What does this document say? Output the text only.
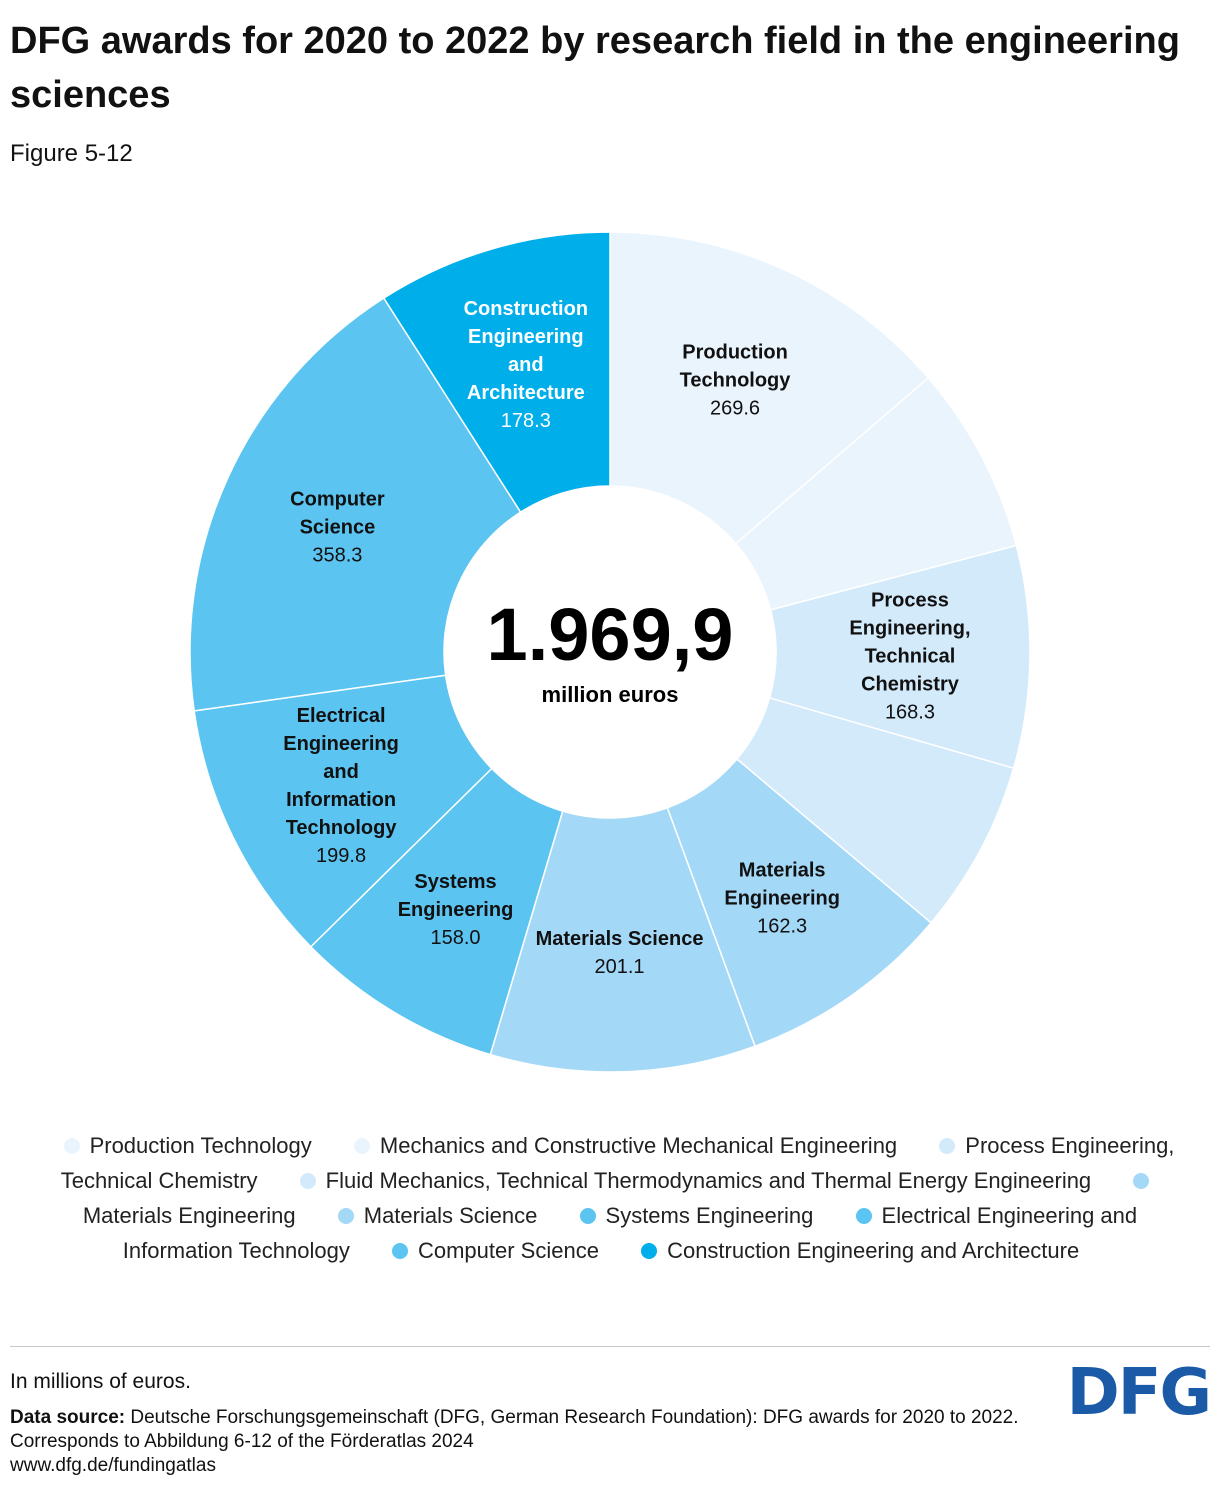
DFG awards for 2020 to 2022 by research field in the engineering sciences
Figure 5-12
Production Technology 269.6
Process Engineering, Technical Chemistry 168.3
Materials Engineering 162.3
Materials Science 201.1
Systems Engineering 158.0
Electrical Engineering and Information Technology 199.8
Computer Science 358.3
Construction Engineering and Architecture 178.3
1.969,9
million euros
Production Technology	Mechanics and Constructive Mechanical Engineering	Process Engineering, Technical Chemistry	Fluid Mechanics, Technical Thermodynamics and Thermal Energy Engineering Materials Engineering	Materials Science	Systems Engineering	Electrical Engineering and Information Technology	Computer Science	Construction Engineering and Architecture
In millions of euros.
Data source: Deutsche Forschungsgemeinschaft (DFG, German Research Foundation): DFG awards for 2020 to 2022. Corresponds to Abbildung 6-12 of the Förderatlas 2024
www.dfg.de/fundingatlas
DFG
